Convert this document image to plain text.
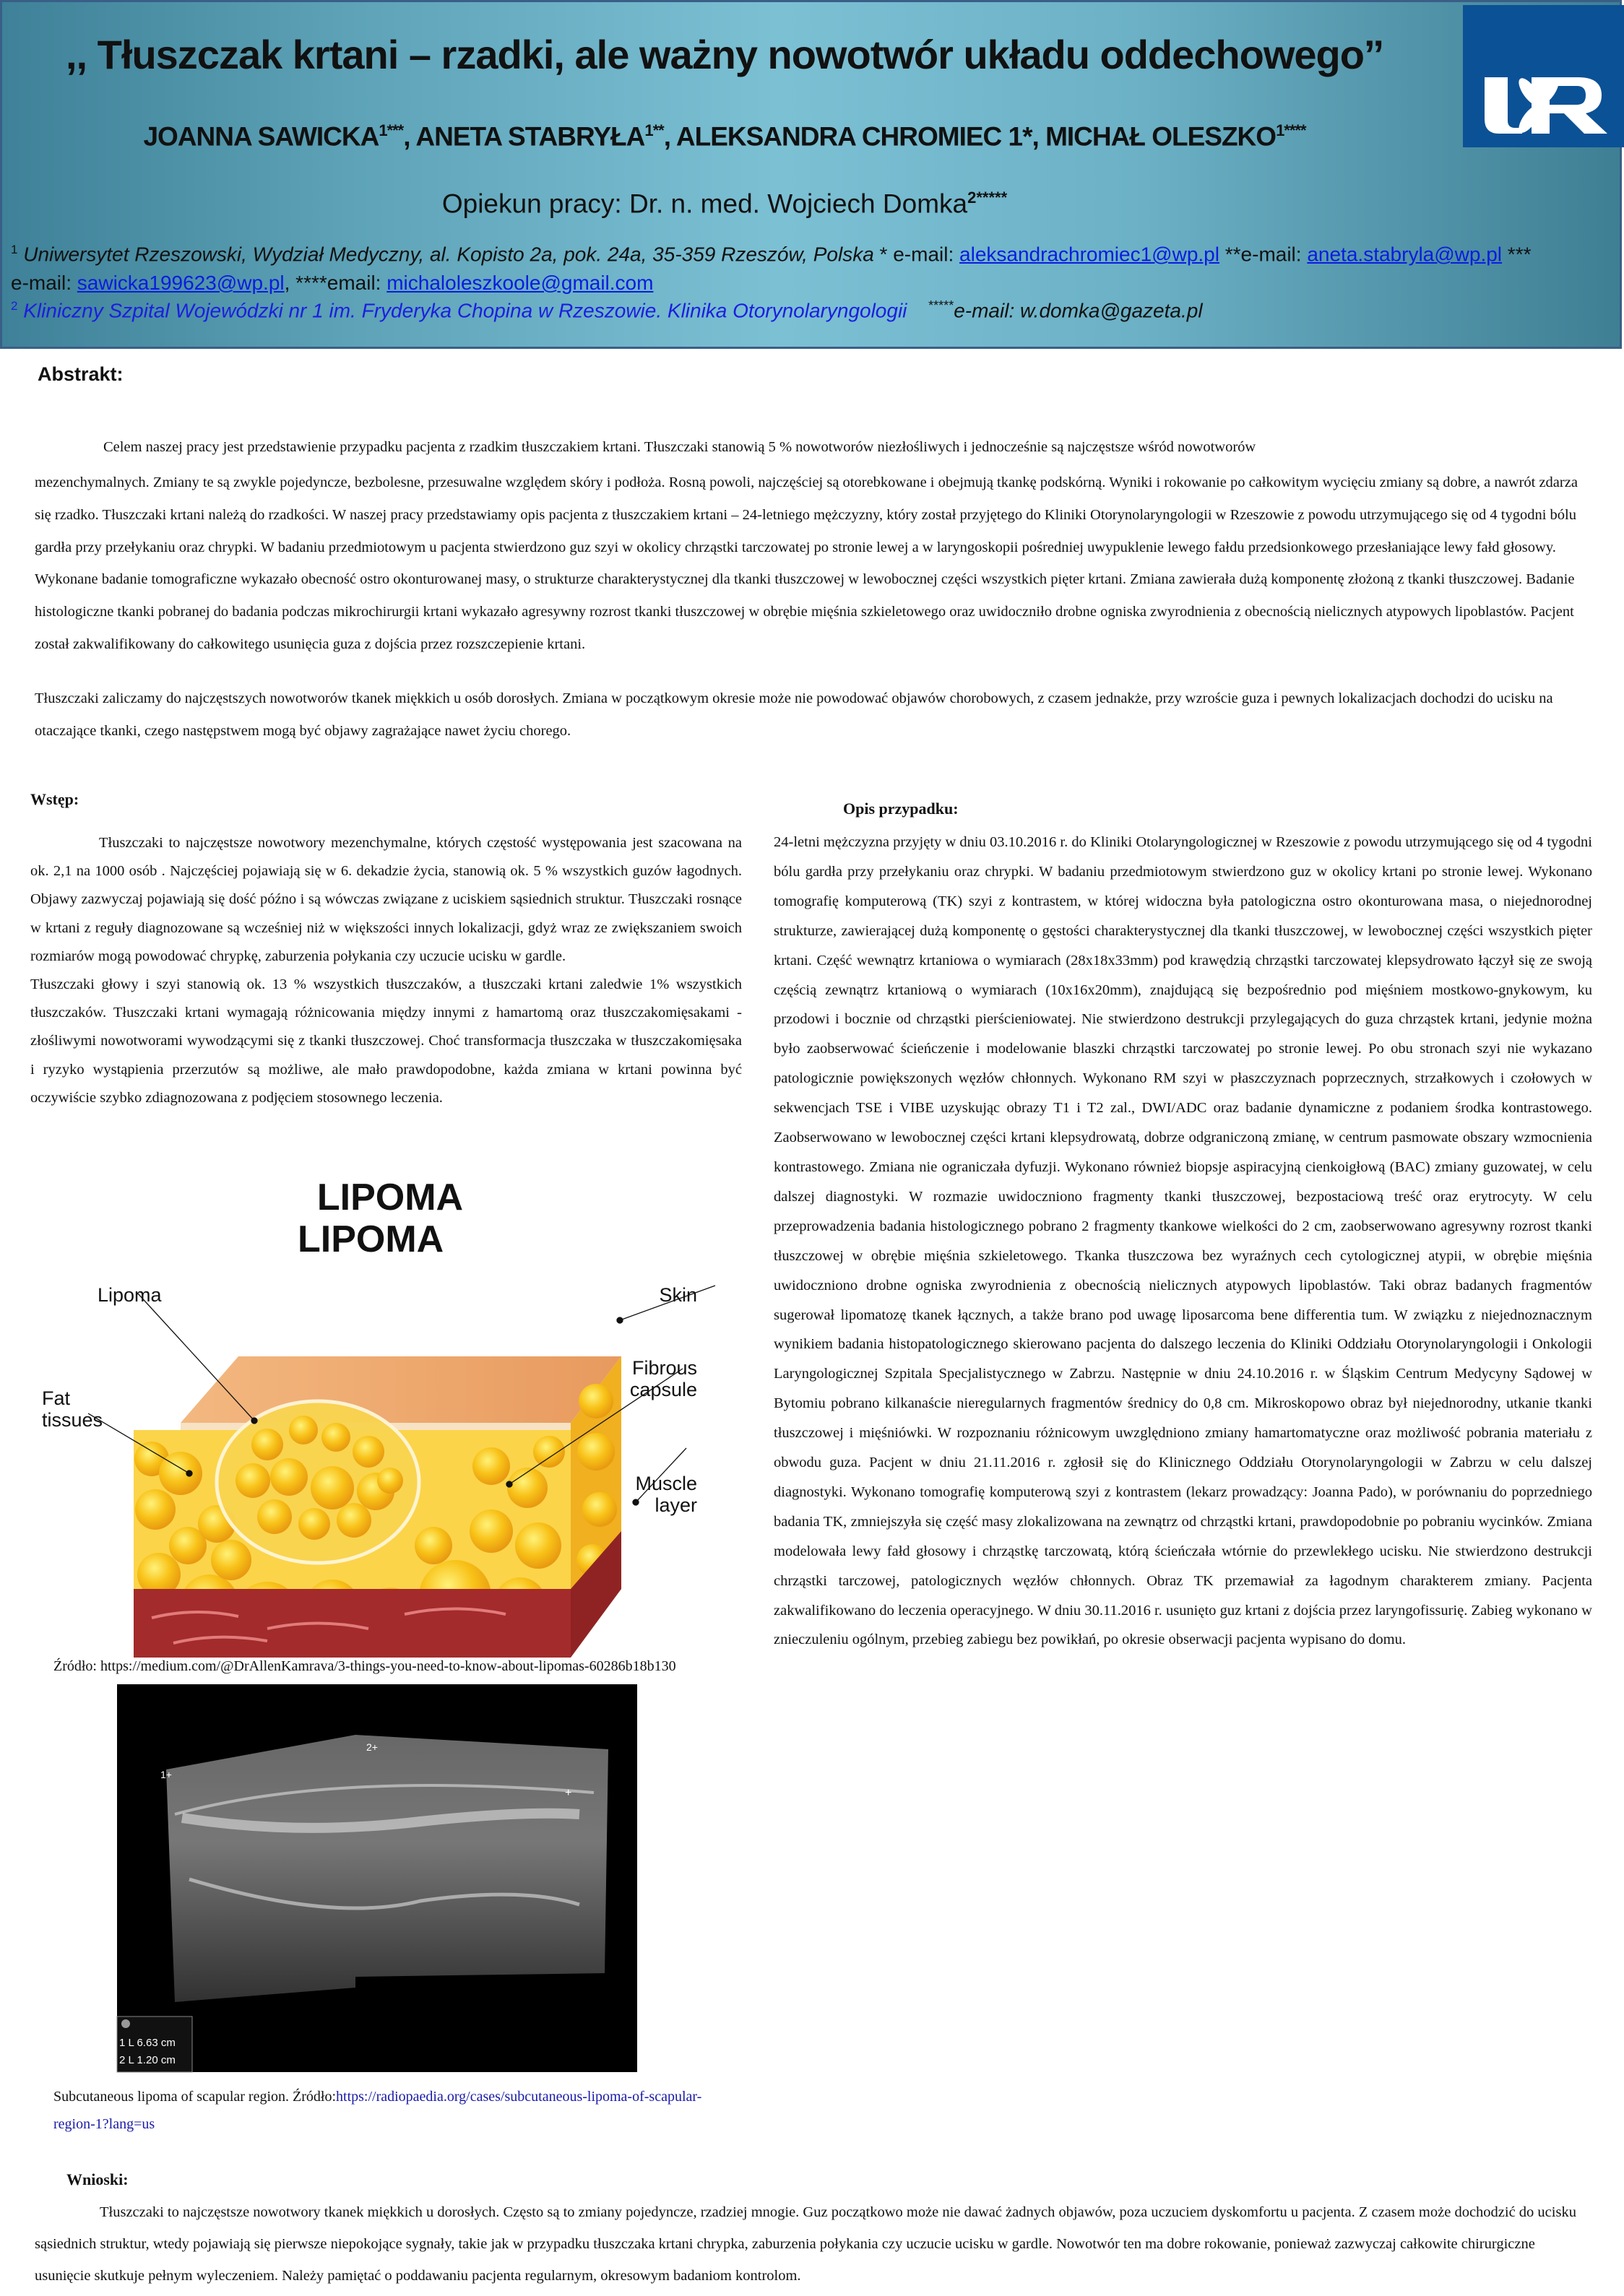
,, Tłuszczak krtani – rzadki, ale ważny nowotwór układu oddechowego’’
JOANNA $SAWICKA^{1***}$, ANETA $STABRYŁA^{1**}$, ALEKSANDRA CHROMIEC 1*, MICHAŁ $OLESZKO^{1****}$
Opiekun pracy: Dr. n. med. Wojciech Domka$^{2*****}$
$^1$ Uniwersytet Rzeszowski, Wydział Medyczny, al. Kopisto 2a, pok. 24a, 35-359 Rzeszów, Polska * e-mail: aleksandrachromiec1@wp.pl **e-mail: aneta.stabryla@wp.pl ***
e-mail: sawicka199623@wp.pl, ****email: michaloleszkoole@gmail.com
$^2$ Kliniczny Szpital Wojewódzki nr 1 im. Fryderyka Chopina w Rzeszowie. Klinika Otorynolaryngologii *****e-mail: w.domka@gazeta.pl
Abstrakt:
Celem naszej pracy jest przedstawienie przypadku pacjenta z rzadkim tłuszczakiem krtani. Tłuszczaki stanowią 5 % nowotworów niezłośliwych i jednocześnie są najczęstsze wśród nowotworów

mezenchymalnych. Zmiany te są zwykle pojedyncze, bezbolesne, przesuwalne względem skóry i podłoża. Rosną powoli, najczęściej są otorebkowane i obejmują tkankę podskórną. Wyniki i rokowanie po całkowitym wycięciu zmiany są dobre, a nawrót zdarza się rzadko. Tłuszczaki krtani należą do rzadkości. W naszej pracy przedstawiamy opis pacjenta z tłuszczakiem krtani – 24-letniego mężczyzny, który został przyjętego do Kliniki Otorynolaryngologii w Rzeszowie z powodu utrzymującego się od 4 tygodni bólu gardła przy przełykaniu oraz chrypki. W badaniu przedmiotowym u pacjenta stwierdzono guz szyi w okolicy chrząstki tarczowatej po stronie lewej a w laryngoskopii pośredniej uwypuklenie lewego fałdu przedsionkowego przesłaniające lewy fałd głosowy. Wykonane badanie tomograficzne wykazało obecność ostro okonturowanej masy, o strukturze charakterystycznej dla tkanki tłuszczowej w lewobocznej części wszystkich pięter krtani. Zmiana zawierała dużą komponentę złożoną z tkanki tłuszczowej. Badanie histologiczne tkanki pobranej do badania podczas mikrochirurgii krtani wykazało agresywny rozrost tkanki tłuszczowej w obrębie mięśnia szkieletowego oraz uwidoczniło drobne ogniska zwyrodnienia z obecnością nielicznych atypowych lipoblastów. Pacjent został zakwalifikowany do całkowitego usunięcia guza z dojścia przez rozszczepienie krtani.

Tłuszczaki zaliczamy do najczęstszych nowotworów tkanek miękkich u osób dorosłych. Zmiana w początkowym okresie może nie powodować objawów chorobowych, z czasem jednakże, przy wzroście guza i pewnych lokalizacjach dochodzi do ucisku na otaczające tkanki, czego następstwem mogą być objawy zagrażające nawet życiu chorego.

Wstęp:

Tłuszczaki to najczęstsze nowotwory mezenchymalne, których częstość występowania jest szacowana na ok. 2,1 na 1000 osób . Najczęściej pojawiają się w 6. dekadzie życia, stanowią ok. 5 % wszystkich guzów łagodnych. Objawy zazwyczaj pojawiają się dość późno i są wówczas związane z uciskiem sąsiednich struktur. Tłuszczaki rosnące w krtani z reguły diagnozowane są wcześniej niż w większości innych lokalizacji, gdyż wraz ze zwiększaniem swoich rozmiarów mogą powodować chrypkę, zaburzenia połykania czy uczucie ucisku w gardle.

Tłuszczaki głowy i szyi stanowią ok. 13 % wszystkich tłuszczaków, a tłuszczaki krtani zaledwie 1% wszystkich tłuszczaków. Tłuszczaki krtani wymagają różnicowania między innymi z hamartomą oraz tłuszczakomięsakami - złośliwymi nowotworami wywodzącymi się z tkanki tłuszczowej. Choć transformacja tłuszczaka w tłuszczakomięsaka i ryzyko wystąpienia przerzutów są możliwe, ale mało prawdopodobne, każda zmiana w krtani powinna być oczywiście szybko zdiagnozowana z podjęciem stosownego leczenia.

LIPOMA
Lipoma	Skin
Fat
tissues
Fibrous
capsule
Muscle
layer
LIPOMA

Źródło: https://medium.com/@DrAllenKamrava/3-things-you-need-to-know-about-lipomas-60286b18b130

1+
2+
+
1 L 6.63 cm
2 L 1.20 cm

Subcutaneous lipoma of scapular region. Źródło:https://radiopaedia.org/cases/subcutaneous-lipoma-of-scapular-region-1?lang=us

Opis przypadku:

24-letni mężczyzna przyjęty w dniu 03.10.2016 r. do Kliniki Otolaryngologicznej w Rzeszowie z powodu utrzymującego się od 4 tygodni bólu gardła przy przełykaniu oraz chrypki. W badaniu przedmiotowym stwierdzono guz w okolicy krtani po stronie lewej. Wykonano tomografię komputerową (TK) szyi z kontrastem, w której widoczna była patologiczna ostro okonturowana masa, o niejednorodnej strukturze, zawierającej dużą komponentę o gęstości charakterystycznej dla tkanki tłuszczowej, w lewobocznej części wszystkich pięter krtani. Część wewnątrz krtaniowa o wymiarach (28x18x33mm) pod krawędzią chrząstki tarczowatej klepsydrowato łączył się ze swoją częścią zewnątrz krtaniową o wymiarach (10x16x20mm), znajdującą się bezpośrednio pod mięśniem mostkowo-gnykowym, ku przodowi i bocznie od chrząstki pierścieniowatej. Nie stwierdzono destrukcji przylegających do guza chrząstek krtani, jedynie można było zaobserwować ścieńczenie i modelowanie blaszki chrząstki tarczowatej po stronie lewej. Po obu stronach szyi nie wykazano patologicznie powiększonych węzłów chłonnych. Wykonano RM szyi w płaszczyznach poprzecznych, strzałkowych i czołowych w sekwencjach TSE i VIBE uzyskując obrazy T1 i T2 zal., DWI/ADC oraz badanie dynamiczne z podaniem środka kontrastowego. Zaobserwowano w lewobocznej części krtani klepsydrowatą, dobrze odgraniczoną zmianę, w centrum pasmowate obszary wzmocnienia kontrastowego. Zmiana nie ograniczała dyfuzji. Wykonano również biopsje aspiracyjną cienkoigłową (BAC) zmiany guzowatej, w celu dalszej diagnostyki. W rozmazie uwidoczniono fragmenty tkanki tłuszczowej, bezpostaciową treść oraz erytrocyty. W celu przeprowadzenia badania histologicznego pobrano 2 fragmenty tkankowe wielkości do 2 cm, zaobserwowano agresywny rozrost tkanki tłuszczowej w obrębie mięśnia szkieletowego. Tkanka tłuszczowa bez wyraźnych cech cytologicznej atypii, w obrębie mięśnia uwidoczniono drobne ogniska zwyrodnienia z obecnością nielicznych atypowych lipoblastów. Taki obraz badanych fragmentów sugerował lipomatozę tkanek łącznych, a także brano pod uwagę liposarcoma bene differentia tum. W związku z niejednoznacznym wynikiem badania histopatologicznego skierowano pacjenta do dalszego leczenia do Kliniki Oddziału Otorynolaryngologii i Onkologii Laryngologicznej Szpitala Specjalistycznego w Zabrzu. Następnie w dniu 24.10.2016 r. w Śląskim Centrum Medycyny Sądowej w Bytomiu pobrano kilkanaście nieregularnych fragmentów średnicy do 0,8 cm. Mikroskopowo obraz był niejednorodny, utkanie tkanki tłuszczowej i mięśniówki. W rozpoznaniu różnicowym uwzględniono zmiany hamartomatyczne oraz możliwość pobrania materiału z obwodu guza. Pacjent w dniu 21.11.2016 r. zgłosił się do Klinicznego Oddziału Otorynolaryngologii w Zabrzu w celu dalszej diagnostyki. Wykonano tomografię komputerową szyi z kontrastem (lekarz prowadzący: Joanna Pado), w porównaniu do poprzedniego badania TK, zmniejszyła się część masy zlokalizowana na zewnątrz od chrząstki krtani, prawdopodobnie po pobraniu wycinków. Zmiana modelowała lewy fałd głosowy i chrząstkę tarczowatą, którą ścieńczała wtórnie do przewlekłego ucisku. Nie stwierdzono destrukcji chrząstki tarczowej, patologicznych węzłów chłonnych. Obraz TK przemawiał za łagodnym charakterem zmiany. Pacjenta zakwalifikowano do leczenia operacyjnego. W dniu 30.11.2016 r. usunięto guz krtani z dojścia przez laryngofissurię. Zabieg wykonano w znieczuleniu ogólnym, przebieg zabiegu bez powikłań, po okresie obserwacji pacjenta wypisano do domu.

Wnioski:
Tłuszczaki to najczęstsze nowotwory tkanek miękkich u dorosłych. Często są to zmiany pojedyncze, rzadziej mnogie. Guz początkowo może nie dawać żadnych objawów, poza uczuciem dyskomfortu u pacjenta. Z czasem może dochodzić do ucisku sąsiednich struktur, wtedy pojawiają się pierwsze niepokojące sygnały, takie jak w przypadku tłuszczaka krtani chrypka, zaburzenia połykania czy uczucie ucisku w gardle. Nowotwór ten ma dobre rokowanie, ponieważ zazwyczaj całkowite chirurgiczne usunięcie skutkuje pełnym wyleczeniem. Należy pamiętać o poddawaniu pacjenta regularnym, okresowym badaniom kontrolom.
